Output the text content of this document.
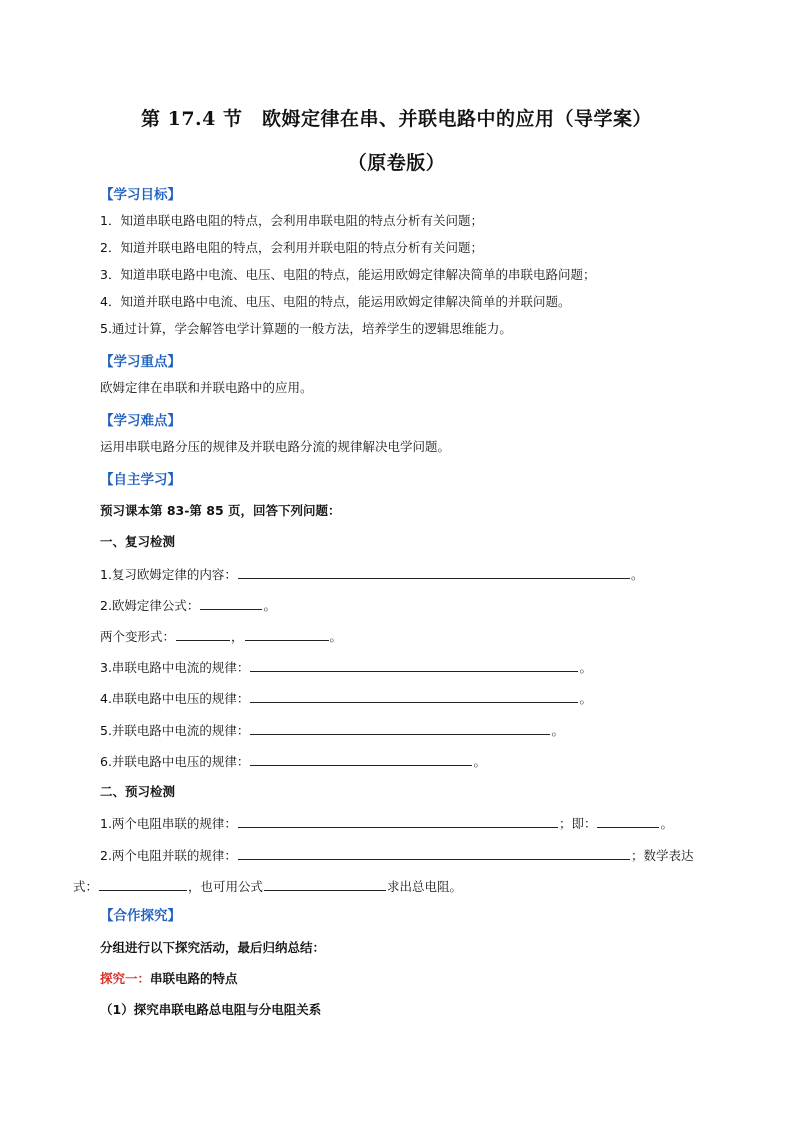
第 17.4 节　欧姆定律在串、并联电路中的应用（导学案）
（原卷版）
【学习目标】
1．知道串联电路电阻的特点，会利用串联电阻的特点分析有关问题；
2．知道并联电路电阻的特点，会利用并联电阻的特点分析有关问题；
3．知道串联电路中电流、电压、电阻的特点，能运用欧姆定律解决简单的串联电路问题；
4．知道并联电路中电流、电压、电阻的特点，能运用欧姆定律解决简单的并联问题。
5.通过计算，学会解答电学计算题的一般方法，培养学生的逻辑思维能力。
【学习重点】
欧姆定律在串联和并联电路中的应用。
【学习难点】
运用串联电路分压的规律及并联电路分流的规律解决电学问题。
【自主学习】
预习课本第 83-第 85 页，回答下列问题：
一、复习检测
1.复习欧姆定律的内容：	。
2.欧姆定律公式：	。
两个变形式：	，	。
3.串联电路中电流的规律：	。
4.串联电路中电压的规律：	。
5.并联电路中电流的规律：	。
6.并联电路中电压的规律：	。
二、预习检测
1.两个电阻串联的规律：	；即：	。
2.两个电阻并联的规律：	；数学表达
式：	，也可用公式	求出总电阻。
【合作探究】
分组进行以下探究活动，最后归纳总结：
探究一：串联电路的特点
（1）探究串联电路总电阻与分电阻关系
